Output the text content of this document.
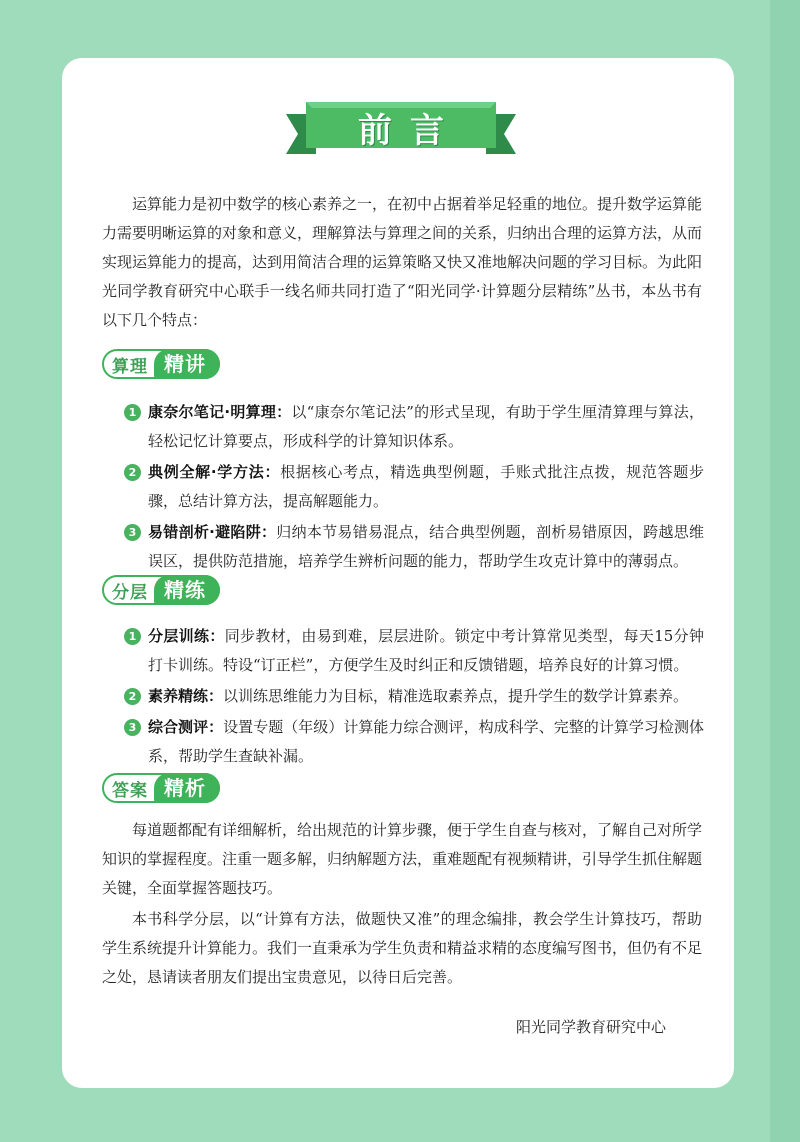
前言

运算能力是初中数学的核心素养之一，在初中占据着举足轻重的地位。提升数学运算能力需要明晰运算的对象和意义，理解算法与算理之间的关系，归纳出合理的运算方法，从而实现运算能力的提高，达到用简洁合理的运算策略又快又准地解决问题的学习目标。为此阳光同学教育研究中心联手一线名师共同打造了“阳光同学·计算题分层精练”丛书，本丛书有以下几个特点：

算理 精讲
1 康奈尔笔记·明算理：以“康奈尔笔记法”的形式呈现，有助于学生厘清算理与算法，轻松记忆计算要点，形成科学的计算知识体系。
2 典例全解·学方法：根据核心考点，精选典型例题，手账式批注点拨，规范答题步骤，总结计算方法，提高解题能力。
3 易错剖析·避陷阱：归纳本节易错易混点，结合典型例题，剖析易错原因，跨越思维误区，提供防范措施，培养学生辨析问题的能力，帮助学生攻克计算中的薄弱点。
分层 精练
1 分层训练：同步教材，由易到难，层层进阶。锁定中考计算常见类型，每天15分钟打卡训练。特设“订正栏”，方便学生及时纠正和反馈错题，培养良好的计算习惯。
2 素养精练：以训练思维能力为目标，精准选取素养点，提升学生的数学计算素养。
3 综合测评：设置专题（年级）计算能力综合测评，构成科学、完整的计算学习检测体系，帮助学生查缺补漏。
答案 精析

每道题都配有详细解析，给出规范的计算步骤，便于学生自查与核对，了解自己对所学知识的掌握程度。注重一题多解，归纳解题方法，重难题配有视频精讲，引导学生抓住解题关键，全面掌握答题技巧。

本书科学分层，以“计算有方法，做题快又准”的理念编排，教会学生计算技巧，帮助学生系统提升计算能力。我们一直秉承为学生负责和精益求精的态度编写图书，但仍有不足之处，恳请读者朋友们提出宝贵意见，以待日后完善。

阳光同学教育研究中心
